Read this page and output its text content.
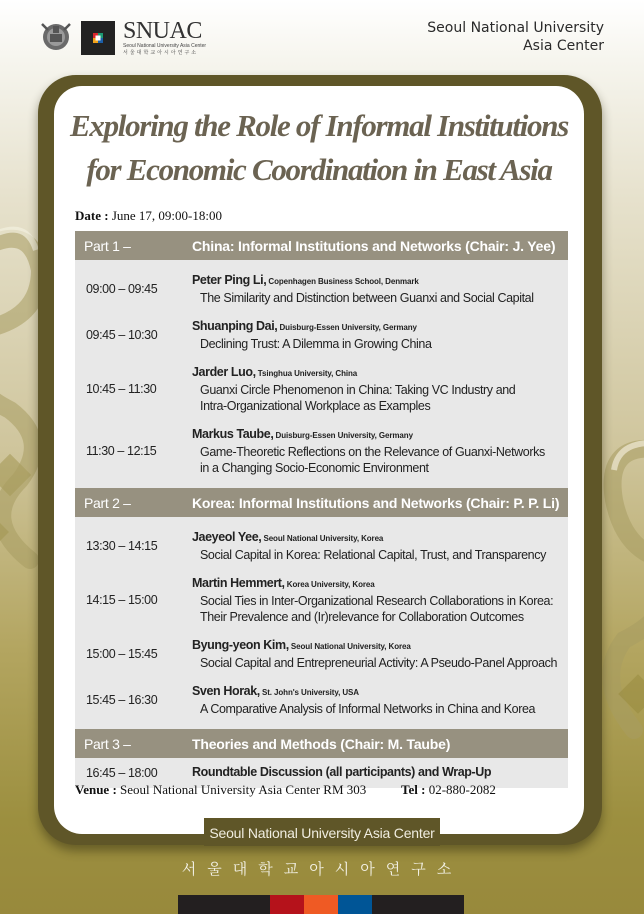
SNUAC
Seoul National University Asia Center
서울대학교아시아연구소
Seoul National University
Asia Center
Exploring the Role of Informal Institutions
for Economic Coordination in East Asia
Date : June 17, 09:00-18:00
Part 1 –	China: Informal Institutions and Networks (Chair: J. Yee)
09:00 – 09:45
Peter Ping Li, Copenhagen Business School, Denmark
The Similarity and Distinction between Guanxi and Social Capital
09:45 – 10:30
Shuanping Dai, Duisburg-Essen University, Germany
Declining Trust: A Dilemma in Growing China
10:45 – 11:30
Jarder Luo, Tsinghua University, China
Guanxi Circle Phenomenon in China: Taking VC Industry and
Intra-Organizational Workplace as Examples
11:30 – 12:15
Markus Taube, Duisburg-Essen University, Germany
Game-Theoretic Reflections on the Relevance of Guanxi-Networks
in a Changing Socio-Economic Environment
Part 2 –	Korea: Informal Institutions and Networks (Chair: P. P. Li)
13:30 – 14:15
Jaeyeol Yee, Seoul National University, Korea
Social Capital in Korea: Relational Capital, Trust, and Transparency
14:15 – 15:00
Martin Hemmert, Korea University, Korea
Social Ties in Inter-Organizational Research Collaborations in Korea:
Their Prevalence and (Ir)relevance for Collaboration Outcomes
15:00 – 15:45
Byung-yeon Kim, Seoul National University, Korea
Social Capital and Entrepreneurial Activity: A Pseudo-Panel Approach
15:45 – 16:30
Sven Horak, St. John's University, USA
A Comparative Analysis of Informal Networks in China and Korea
Part 3 –	Theories and Methods (Chair: M. Taube)
16:45 – 18:00	Roundtable Discussion (all participants) and Wrap-Up
Venue : Seoul National University Asia Center RM 303	Tel : 02-880-2082
Seoul National University Asia Center
서울대학교아시아연구소
